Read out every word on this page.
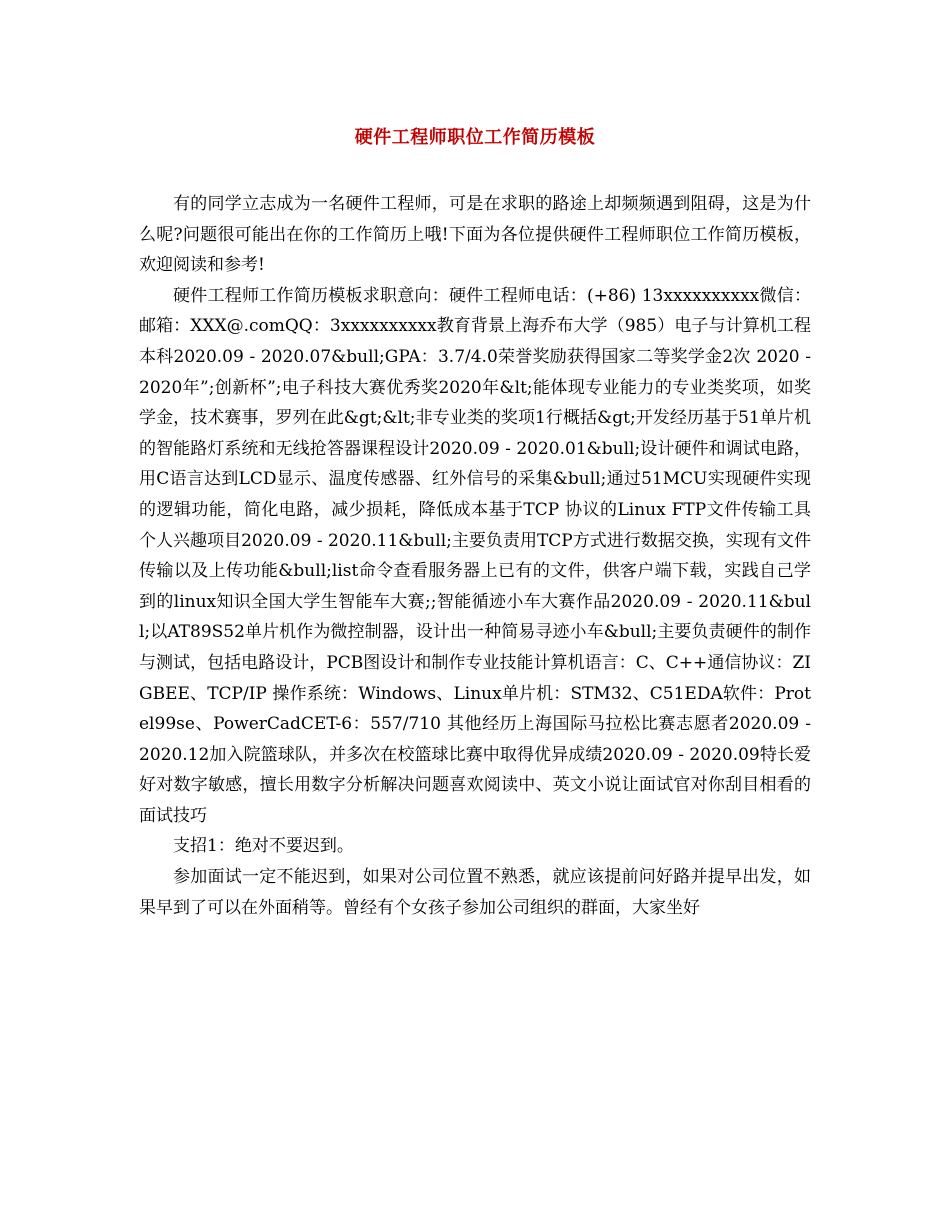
硬件工程师职位工作简历模板

有的同学立志成为一名硬件工程师，可是在求职的路途上却频频遇到阻碍，这是为什么呢?问题很可能出在你的工作简历上哦!下面为各位提供硬件工程师职位工作简历模板，欢迎阅读和参考!

硬件工程师工作简历模板求职意向：硬件工程师电话：(+86) 13xxxxxxxxxx微信：邮箱：XXX@.comQQ：3xxxxxxxxxx教育背景上海乔布大学（985）电子与计算机工程本科2020.09 - 2020.07&bull;GPA：3.7/4.0荣誉奖励获得国家二等奖学金2次 2020 - 2020年”;创新杯”;电子科技大赛优秀奖2020年&lt;能体现专业能力的专业类奖项，如奖学金，技术赛事，罗列在此&gt;&lt;非专业类的奖项1行概括&gt;开发经历基于51单片机的智能路灯系统和无线抢答器课程设计2020.09 - 2020.01&bull;设计硬件和调试电路，用C语言达到LCD显示、温度传感器、红外信号的采集&bull;通过51MCU实现硬件实现的逻辑功能，简化电路，减少损耗，降低成本基于TCP 协议的Linux FTP文件传输工具个人兴趣项目2020.09 - 2020.11&bull;主要负责用TCP方式进行数据交换，实现有文件传输以及上传功能&bull;list命令查看服务器上已有的文件，供客户端下载，实践自己学到的linux知识全国大学生智能车大赛;;智能循迹小车大赛作品2020.09 - 2020.11&bull;以AT89S52单片机作为微控制器，设计出一种简易寻迹小车&bull;主要负责硬件的制作与测试，包括电路设计，PCB图设计和制作专业技能计算机语言：C、C++通信协议：ZIGBEE、TCP/IP 操作系统：Windows、Linux单片机：STM32、C51EDA软件：Protel99se、PowerCadCET-6：557/710 其他经历上海国际马拉松比赛志愿者2020.09 - 2020.12加入院篮球队，并多次在校篮球比赛中取得优异成绩2020.09 - 2020.09特长爱好对数字敏感，擅长用数字分析解决问题喜欢阅读中、英文小说让面试官对你刮目相看的面试技巧

支招1：绝对不要迟到。

参加面试一定不能迟到，如果对公司位置不熟悉，就应该提前问好路并提早出发，如果早到了可以在外面稍等。曾经有个女孩子参加公司组织的群面，大家坐好
